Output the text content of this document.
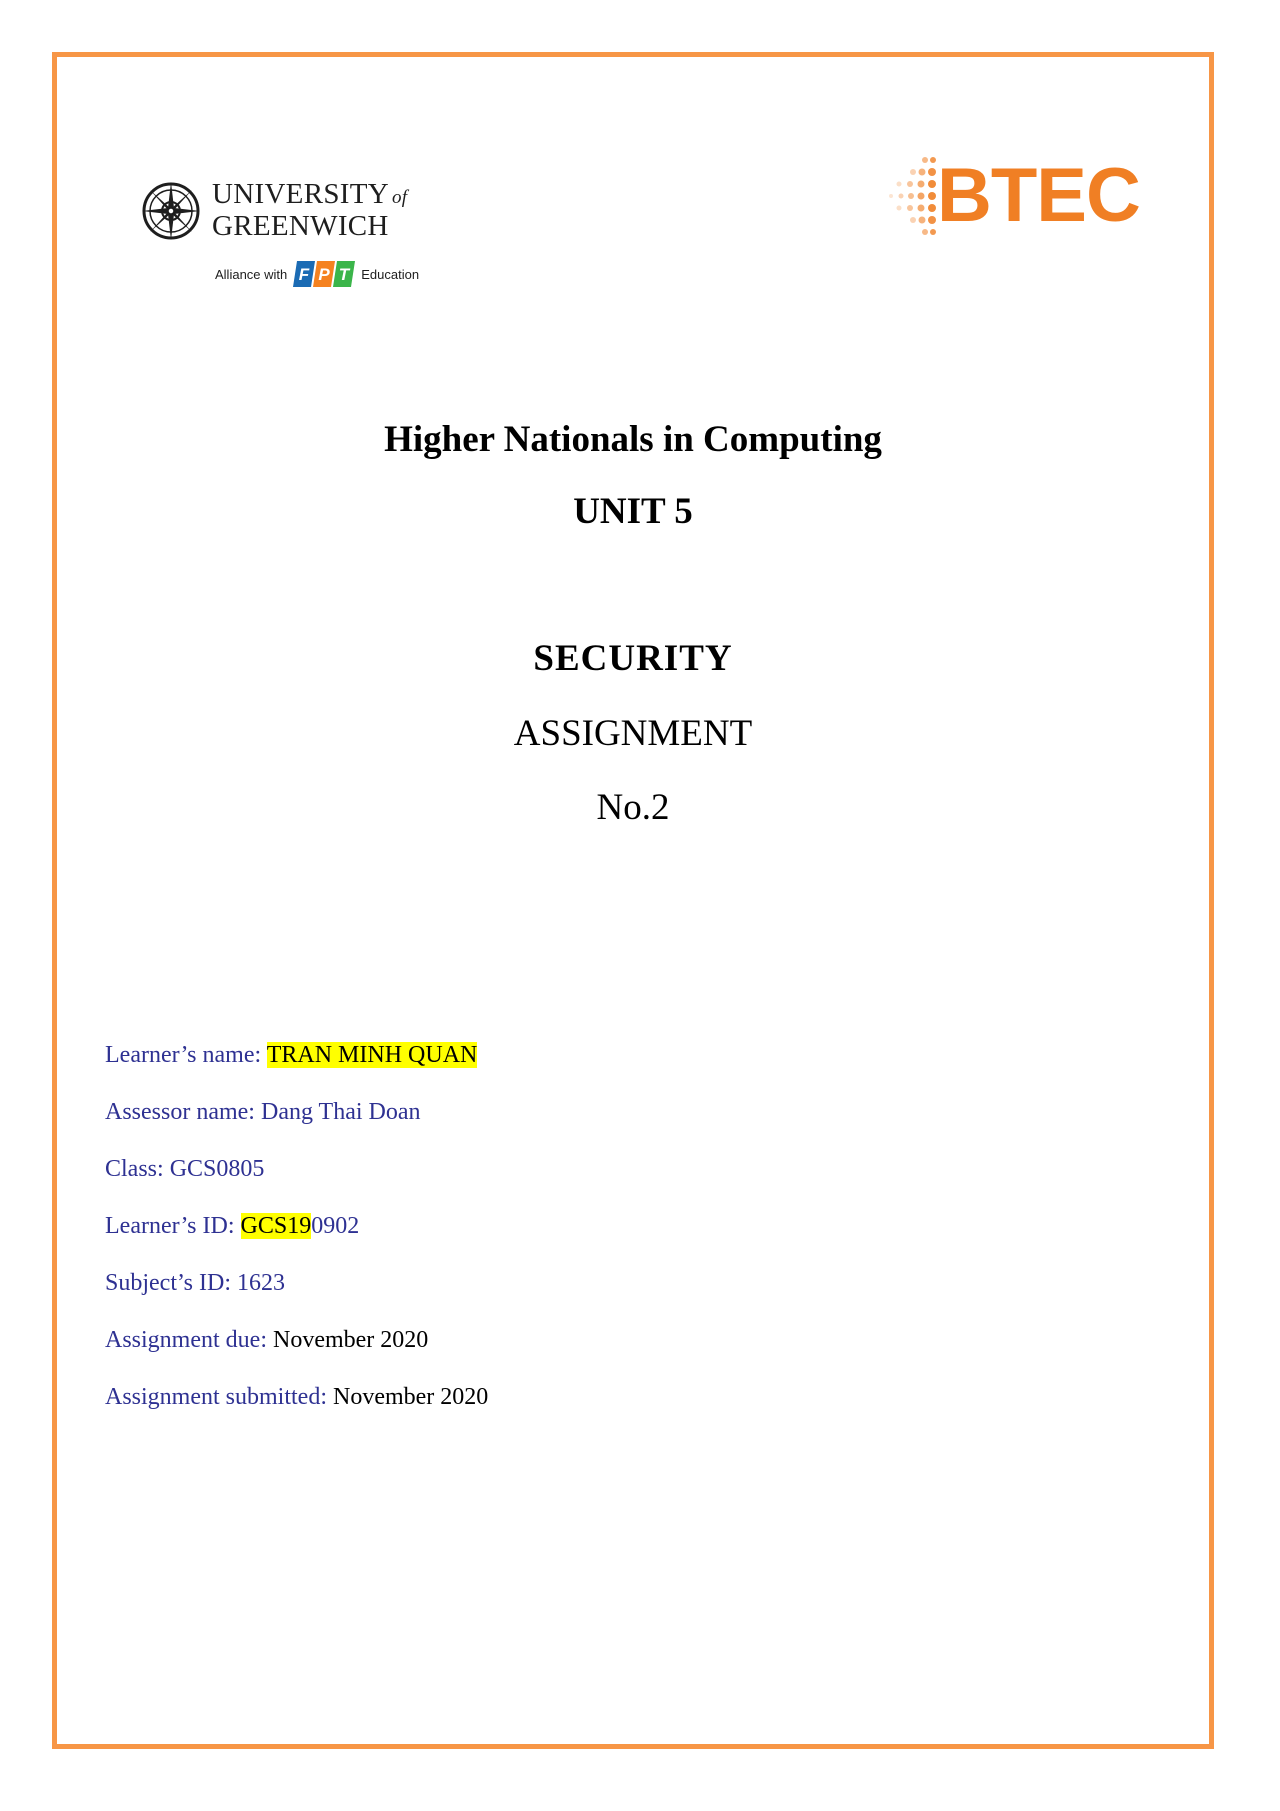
UNIVERSITY of
GREENWICH
Alliance with F P T Education
BTEC
Higher Nationals in Computing
UNIT 5
SECURITY
ASSIGNMENT
No.2
Learner’s name: TRAN MINH QUAN
Assessor name: Dang Thai Doan
Class: GCS0805
Learner’s ID: GCS190902
Subject’s ID: 1623
Assignment due: November 2020
Assignment submitted: November 2020
